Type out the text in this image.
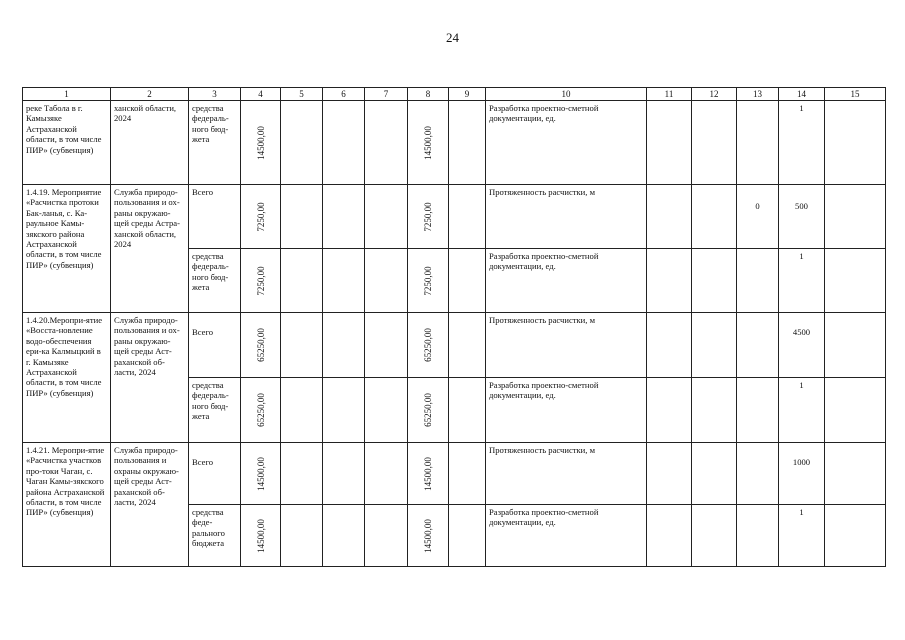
24
1	2	3	4	5	6	7	8	9	10	11	12	13	14	15
реке Табола в г. Камызяке Астраханской области, в том числе ПИР» (субвенция)	ханской области, 2024	средства федераль-ного бюд-жета	14500,00				14500,00		Разработка проектно-сметной документации, ед.				1	
1.4.19. Мероприятие «Расчистка протоки Бак-ланья, с. Ка-раульное Камы-зякского района Астраханской области, в том числе ПИР» (субвенция)	Служба природо-пользования и ох-раны окружаю-щей среды Астра-ханской области, 2024	Всего	7250,00				7250,00		Протяженность расчистки, м			0	500	
		средства федераль-ного бюд-жета	7250,00				7250,00		Разработка проектно-сметной документации, ед.				1	
1.4.20.Меропри-ятие «Восста-новление водо-обеспечения ери-ка Калмыцкий в г. Камызяке Астраханской области, в том числе ПИР» (субвенция)	Служба природо-пользования и ох-раны окружаю-щей среды Аст-раханской об-ласти, 2024	Всего	65250,00				65250,00		Протяженность расчистки, м				4500	
		средства федераль-ного бюд-жета	65250,00				65250,00		Разработка проектно-сметной документации, ед.				1	
1.4.21. Меропри-ятие «Расчистка участков про-токи Чаган, с. Чаган Камы-зякского района Астраханской области, в том числе ПИР» (субвенция)	Служба природо-пользования и охраны окружаю-щей среды Аст-раханской об-ласти, 2024	Всего	14500,00				14500,00		Протяженность расчистки, м				1000	
		средства феде-рального бюджета	14500,00				14500,00		Разработка проектно-сметной документации, ед.				1	
